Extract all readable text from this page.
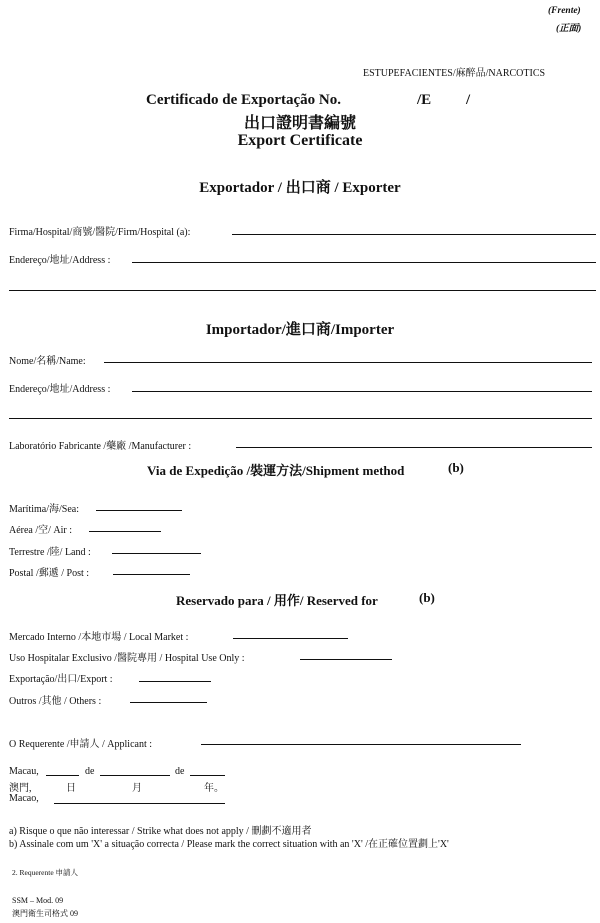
(Frente)
(正面)
ESTUPEFACIENTES/麻醉品/NARCOTICS
Certificado de Exportação No.	/E /
出口證明書編號
Export Certificate
Exportador / 出口商 / Exporter
Firma/Hospital/商號/醫院/Firm/Hospital (a):
Endereço/地址/Address :
Importador/進口商/Importer
Nome/名稱/Name:
Endereço/地址/Address :
Laboratório Fabricante /藥廠 /Manufacturer :
Via de Expedição /裝運方法/Shipment method	(b)
Marítima/海/Sea:
Aérea /空/ Air :
Terrestre /陸/ Land :
Postal /郵遞 / Post :
Reservado para / 用作/ Reserved for	(b)
Mercado Interno /本地市場 / Local Market :
Uso Hospitalar Exclusivo /醫院專用 / Hospital Use Only :
Exportação/出口/Export :
Outros /其他 / Others :
O Requerente /申請人 / Applicant :
Macau,	de	de
澳門,	日	月	年。
Macao,
a) Risque o que não interessar / Strike what does not apply / 刪劃不適用者
b) Assinale com um 'X' a situação correcta / Please mark the correct situation with an 'X' /在正確位置劃上'X'
2. Requerente 申請人
SSM – Mod. 09
澳門衛生司格式 09
